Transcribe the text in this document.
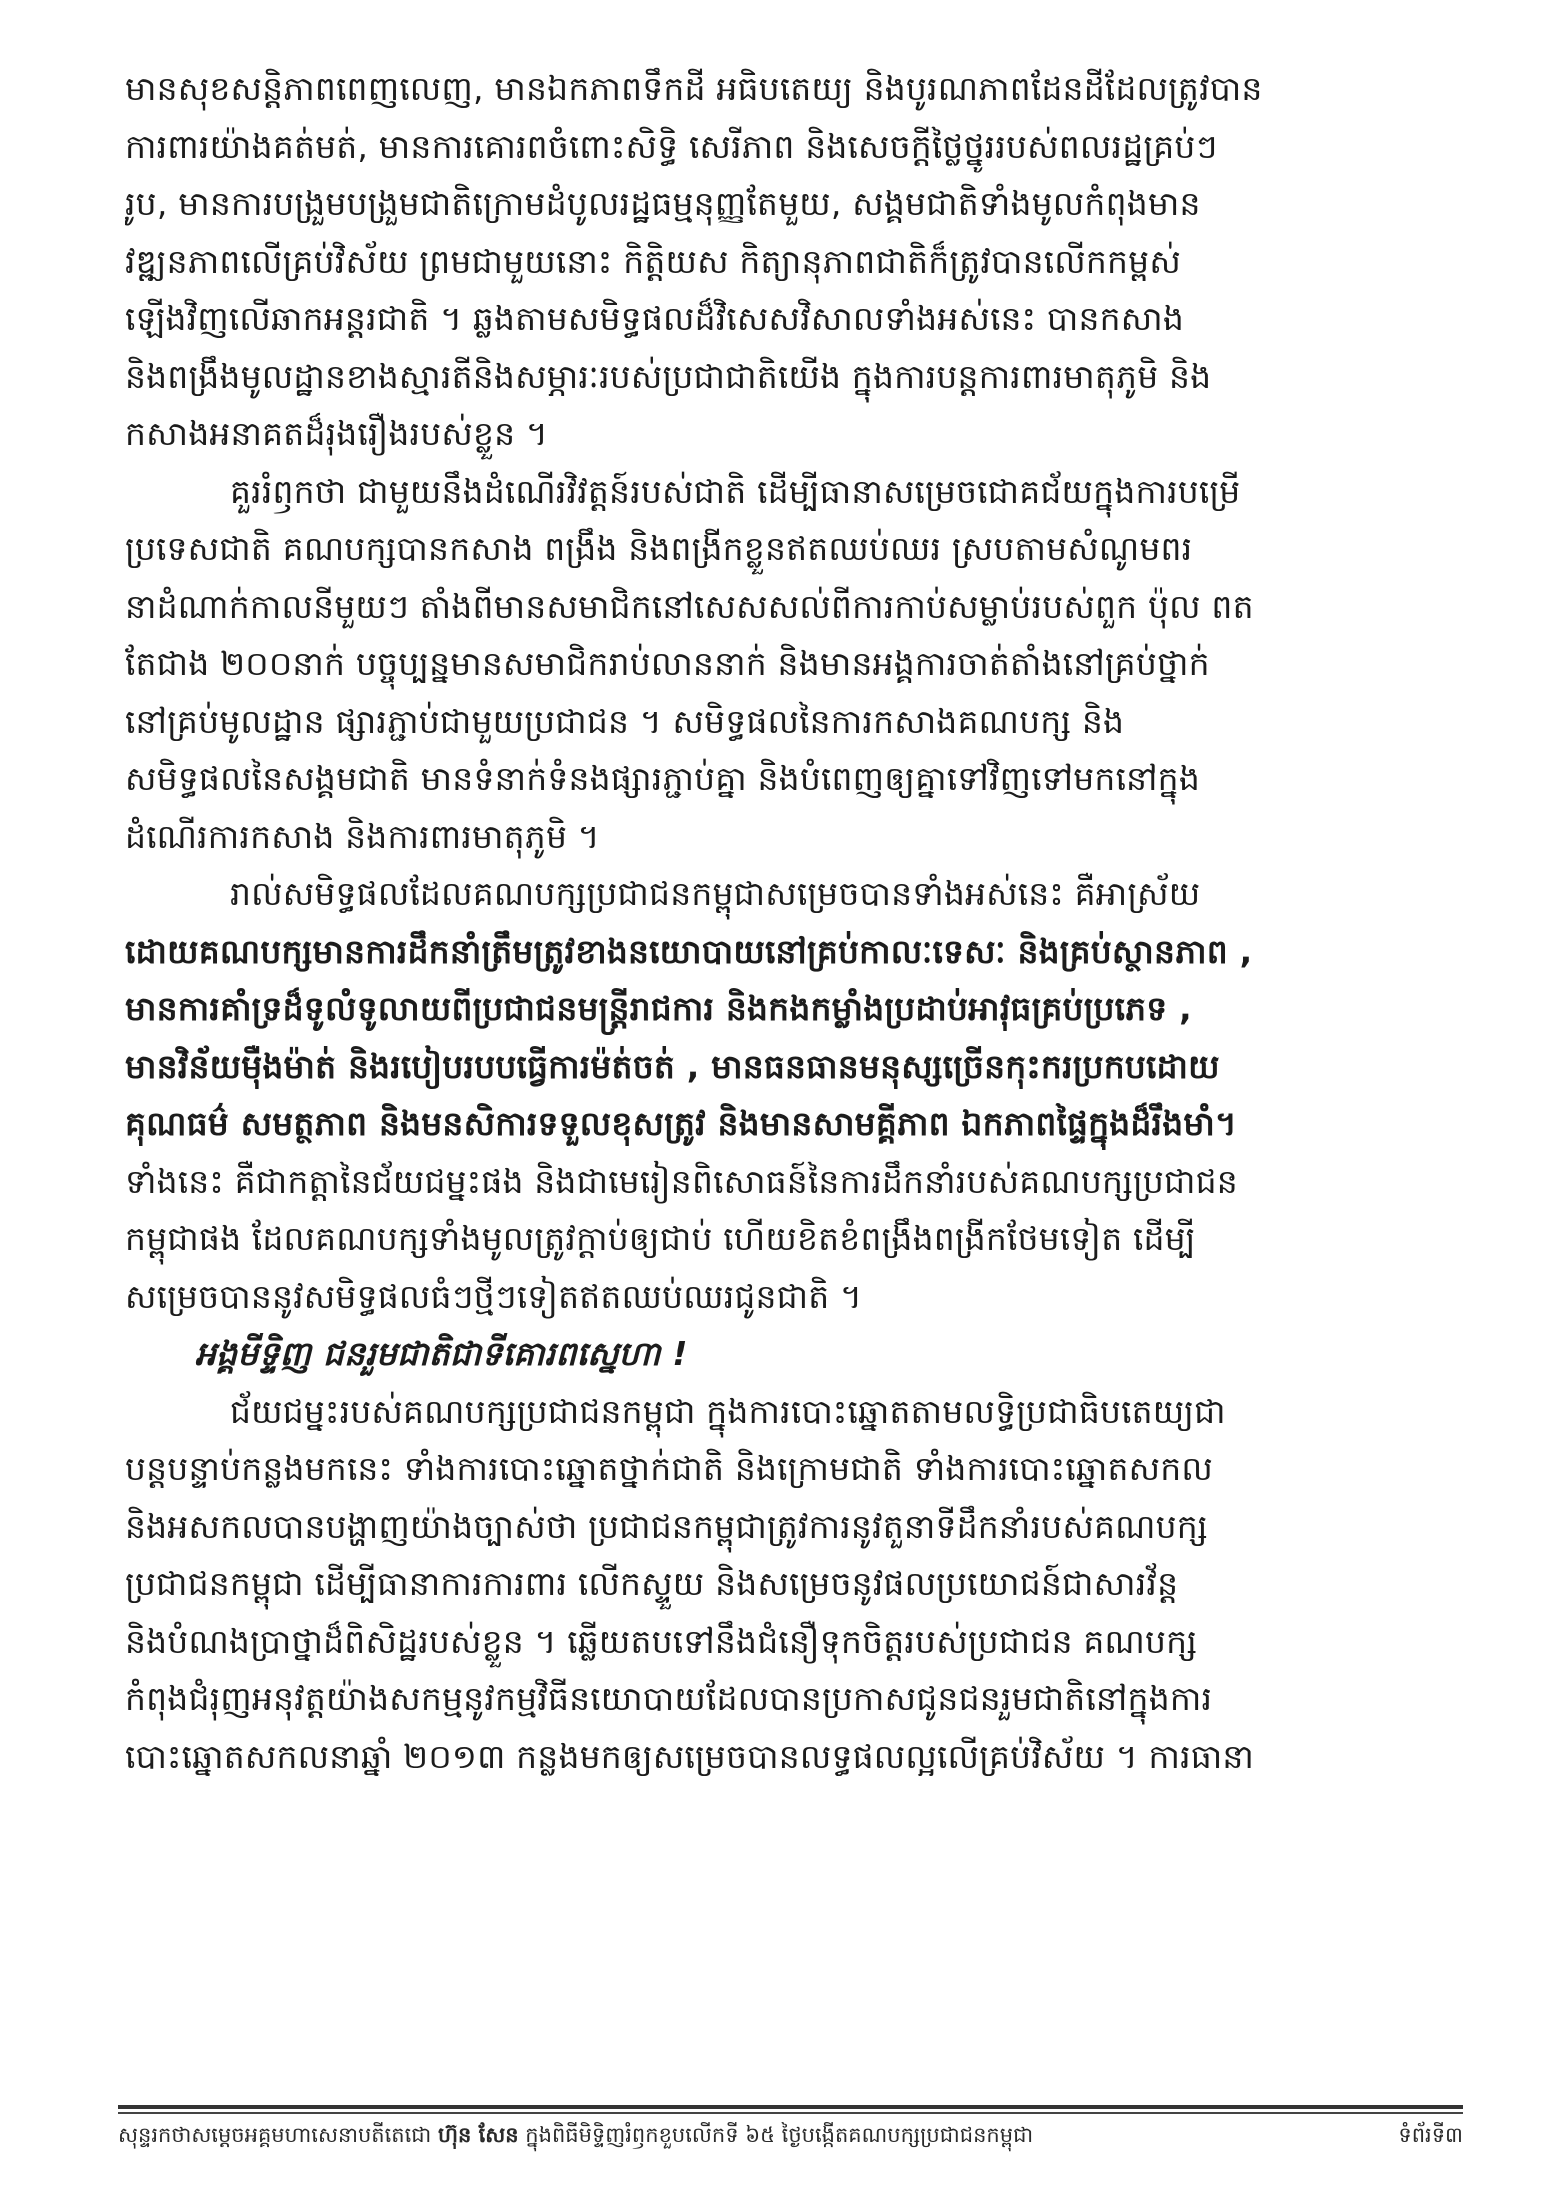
មានសុខសន្តិភាពពេញលេញ, មានឯកភាពទឹកដី អធិបតេយ្យ និងបូរណភាពដែនដីដែលត្រូវបាន
ការពារយ៉ាងគត់មត់, មានការគោរពចំពោះសិទ្ធិ សេរីភាព និងសេចក្តីថ្លៃថ្នូររបស់ពលរដ្ឋគ្រប់ៗ
រូប, មានការបង្រួមបង្រួមជាតិក្រោមដំបូលរដ្ឋធម្មនុញ្ញតែមួយ, សង្គមជាតិទាំងមូលកំពុងមាន
វឌ្ឍនភាពលើគ្រប់វិស័យ ព្រមជាមួយនោះ កិត្តិយស កិត្យានុភាពជាតិក៏ត្រូវបានលើកកម្ពស់
ឡើងវិញលើឆាកអន្តរជាតិ ។ ឆ្លងតាមសមិទ្ធផលដ៏វិសេសវិសាលទាំងអស់នេះ បានកសាង
និងពង្រឹងមូលដ្ឋានខាងស្មារតីនិងសម្ភារៈរបស់ប្រជាជាតិយើង ក្នុងការបន្តការពារមាតុភូមិ និង
កសាងអនាគតដ៏រុងរឿងរបស់ខ្លួន ។
គួររំឭកថា ជាមួយនឹងដំណើរវិវត្តន៍របស់ជាតិ ដើម្បីធានាសម្រេចជោគជ័យក្នុងការបម្រើ
ប្រទេសជាតិ គណបក្សបានកសាង ពង្រឹង និងពង្រីកខ្លួនឥតឈប់ឈរ ស្របតាមសំណូមពរ
នាដំណាក់កាលនីមួយៗ តាំងពីមានសមាជិកនៅសេសសល់ពីការកាប់សម្លាប់របស់ពួក ប៉ុល ពត
តែជាង ២០០នាក់ បច្ចុប្បន្នមានសមាជិករាប់លាននាក់ និងមានអង្គការចាត់តាំងនៅគ្រប់ថ្នាក់
នៅគ្រប់មូលដ្ឋាន ផ្សារភ្ជាប់ជាមួយប្រជាជន ។ សមិទ្ធផលនៃការកសាងគណបក្ស និង
សមិទ្ធផលនៃសង្គមជាតិ មានទំនាក់ទំនងផ្សារភ្ជាប់គ្នា និងបំពេញឲ្យគ្នាទៅវិញទៅមកនៅក្នុង
ដំណើរការកសាង និងការពារមាតុភូមិ ។
រាល់សមិទ្ធផលដែលគណបក្សប្រជាជនកម្ពុជាសម្រេចបានទាំងអស់នេះ គឺអាស្រ័យ
ដោយគណបក្សមានការដឹកនាំត្រឹមត្រូវខាងនយោបាយនៅគ្រប់កាលៈទេសៈ និងគ្រប់ស្ថានភាព ,
មានការគាំទ្រដ៏ទូលំទូលាយពីប្រជាជនមន្ត្រីរាជការ និងកងកម្លាំងប្រដាប់អាវុធគ្រប់ប្រភេទ ,
មានវិន័យម៉ឺងម៉ាត់ និងរបៀបរបបធ្វើការម៉ត់ចត់ , មានធនធានមនុស្សច្រើនកុះករប្រកបដោយ
គុណធម៌ សមត្ថភាព និងមនសិការទទួលខុសត្រូវ និងមានសាមគ្គីភាព ឯកភាពផ្ទៃក្នុងដ៏រឹងមាំ។
ទាំងនេះ គឺជាកត្តានៃជ័យជម្នះផង និងជាមេរៀនពិសោធន៍នៃការដឹកនាំរបស់គណបក្សប្រជាជន
កម្ពុជាផង ដែលគណបក្សទាំងមូលត្រូវក្តាប់ឲ្យជាប់ ហើយខិតខំពង្រឹងពង្រីកថែមទៀត ដើម្បី
សម្រេចបាននូវសមិទ្ធផលធំៗថ្មីៗទៀតឥតឈប់ឈរជូនជាតិ ។
អង្គមីទ្ទិញ ជនរួមជាតិជាទីគោរពស្នេហា !
ជ័យជម្នះរបស់គណបក្សប្រជាជនកម្ពុជា ក្នុងការបោះឆ្នោតតាមលទ្ធិប្រជាធិបតេយ្យជា
បន្តបន្ទាប់កន្លងមកនេះ ទាំងការបោះឆ្នោតថ្នាក់ជាតិ និងក្រោមជាតិ ទាំងការបោះឆ្នោតសកល
និងអសកលបានបង្ហាញយ៉ាងច្បាស់ថា ប្រជាជនកម្ពុជាត្រូវការនូវតួនាទីដឹកនាំរបស់គណបក្ស
ប្រជាជនកម្ពុជា ដើម្បីធានាការការពារ លើកស្ទួយ និងសម្រេចនូវផលប្រយោជន៍ជាសារវ័ន្ត
និងបំណងប្រាថ្នាដ៏ពិសិដ្ឋរបស់ខ្លួន ។ ឆ្លើយតបទៅនឹងជំនឿទុកចិត្តរបស់ប្រជាជន គណបក្ស
កំពុងជំរុញអនុវត្តយ៉ាងសកម្មនូវកម្មវិធីនយោបាយដែលបានប្រកាសជូនជនរួមជាតិនៅក្នុងការ
បោះឆ្នោតសកលនាឆ្នាំ ២០១៣ កន្លងមកឲ្យសម្រេចបានលទ្ធផលល្អលើគ្រប់វិស័យ ។ ការធានា
សុន្ទរកថាសម្តេចអគ្គមហាសេនាបតីតេជោ ហ៊ុន សែន ក្នុងពិធីមិទ្ទិញរំឭកខួបលើកទី ៦៥ ថ្ងៃបង្កើតគណបក្សប្រជាជនកម្ពុជា	ទំព័រទី៣
